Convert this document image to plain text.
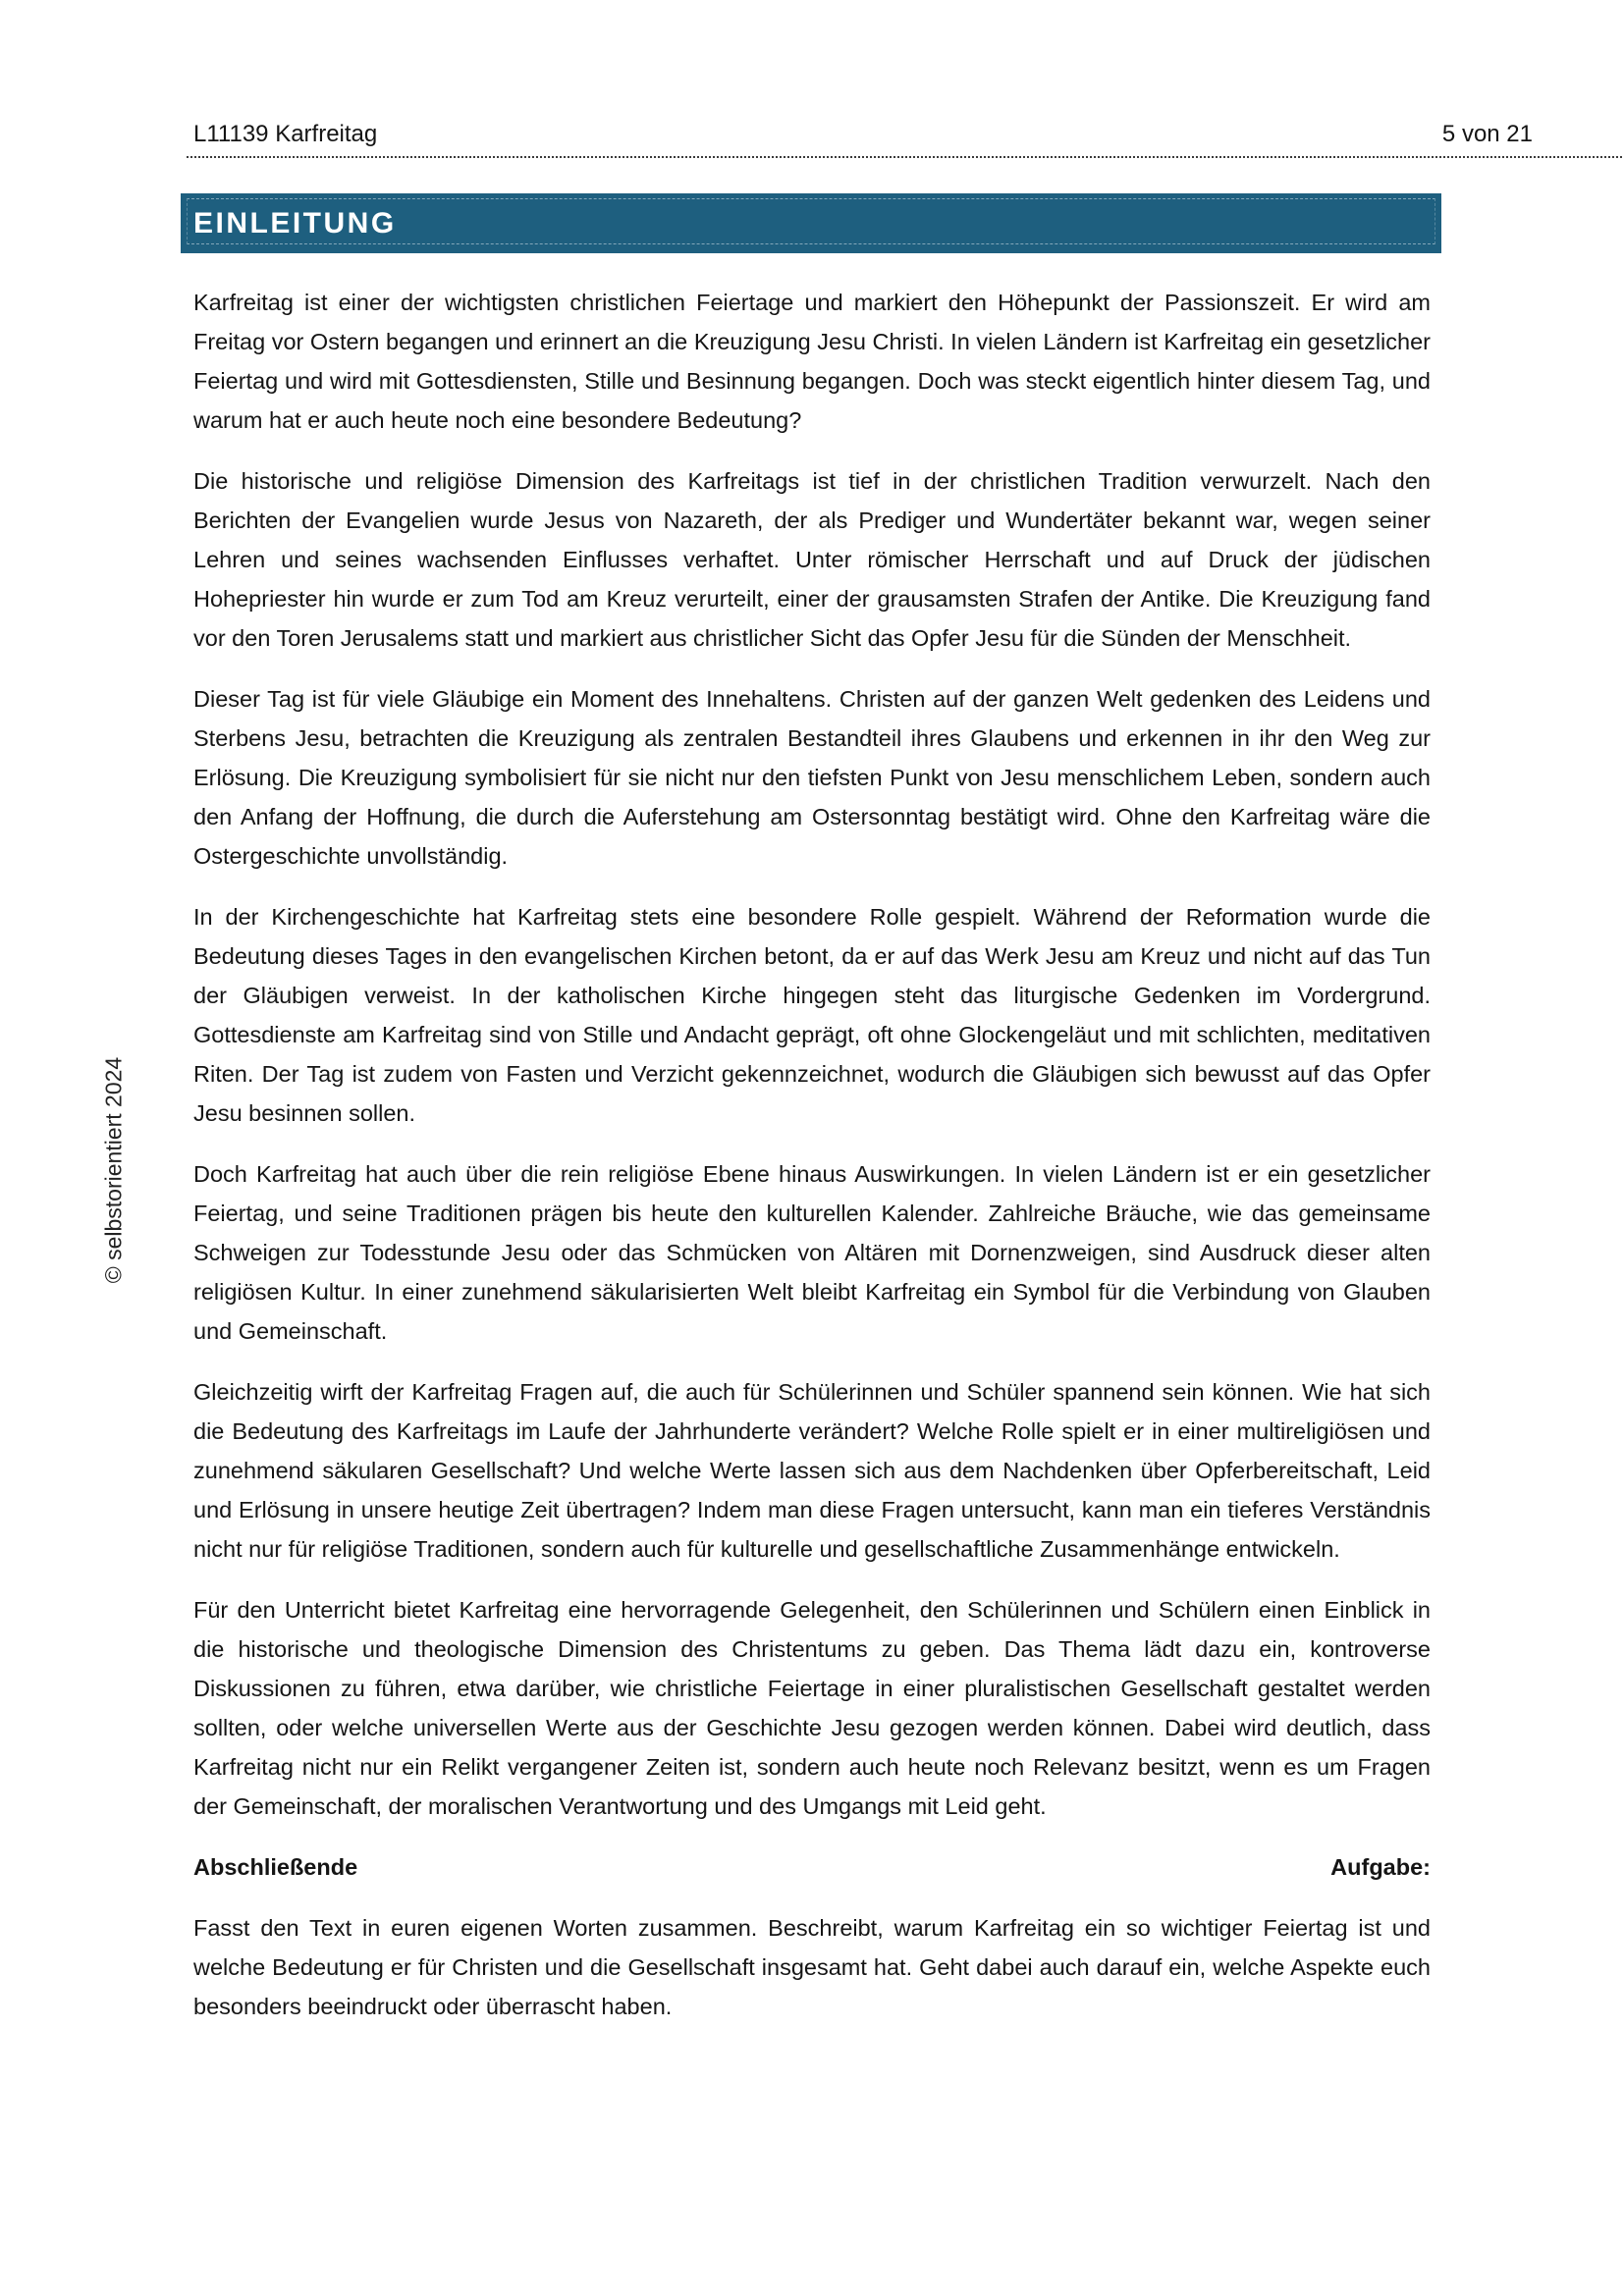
L11139 Karfreitag	5 von 21
EINLEITUNG
© selbstorientiert 2024

Karfreitag ist einer der wichtigsten christlichen Feiertage und markiert den Höhepunkt der Passionszeit. Er wird am Freitag vor Ostern begangen und erinnert an die Kreuzigung Jesu Christi. In vielen Ländern ist Karfreitag ein gesetzlicher Feiertag und wird mit Gottesdiensten, Stille und Besinnung begangen. Doch was steckt eigentlich hinter diesem Tag, und warum hat er auch heute noch eine besondere Bedeutung?

Die historische und religiöse Dimension des Karfreitags ist tief in der christlichen Tradition verwurzelt. Nach den Berichten der Evangelien wurde Jesus von Nazareth, der als Prediger und Wundertäter bekannt war, wegen seiner Lehren und seines wachsenden Einflusses verhaftet. Unter römischer Herrschaft und auf Druck der jüdischen Hohepriester hin wurde er zum Tod am Kreuz verurteilt, einer der grausamsten Strafen der Antike. Die Kreuzigung fand vor den Toren Jerusalems statt und markiert aus christlicher Sicht das Opfer Jesu für die Sünden der Menschheit.

Dieser Tag ist für viele Gläubige ein Moment des Innehaltens. Christen auf der ganzen Welt gedenken des Leidens und Sterbens Jesu, betrachten die Kreuzigung als zentralen Bestandteil ihres Glaubens und erkennen in ihr den Weg zur Erlösung. Die Kreuzigung symbolisiert für sie nicht nur den tiefsten Punkt von Jesu menschlichem Leben, sondern auch den Anfang der Hoffnung, die durch die Auferstehung am Ostersonntag bestätigt wird. Ohne den Karfreitag wäre die Ostergeschichte unvollständig.

In der Kirchengeschichte hat Karfreitag stets eine besondere Rolle gespielt. Während der Reformation wurde die Bedeutung dieses Tages in den evangelischen Kirchen betont, da er auf das Werk Jesu am Kreuz und nicht auf das Tun der Gläubigen verweist. In der katholischen Kirche hingegen steht das liturgische Gedenken im Vordergrund. Gottesdienste am Karfreitag sind von Stille und Andacht geprägt, oft ohne Glockengeläut und mit schlichten, meditativen Riten. Der Tag ist zudem von Fasten und Verzicht gekennzeichnet, wodurch die Gläubigen sich bewusst auf das Opfer Jesu besinnen sollen.

Doch Karfreitag hat auch über die rein religiöse Ebene hinaus Auswirkungen. In vielen Ländern ist er ein gesetzlicher Feiertag, und seine Traditionen prägen bis heute den kulturellen Kalender. Zahlreiche Bräuche, wie das gemeinsame Schweigen zur Todesstunde Jesu oder das Schmücken von Altären mit Dornenzweigen, sind Ausdruck dieser alten religiösen Kultur. In einer zunehmend säkularisierten Welt bleibt Karfreitag ein Symbol für die Verbindung von Glauben und Gemeinschaft.

Gleichzeitig wirft der Karfreitag Fragen auf, die auch für Schülerinnen und Schüler spannend sein können. Wie hat sich die Bedeutung des Karfreitags im Laufe der Jahrhunderte verändert? Welche Rolle spielt er in einer multireligiösen und zunehmend säkularen Gesellschaft? Und welche Werte lassen sich aus dem Nachdenken über Opferbereitschaft, Leid und Erlösung in unsere heutige Zeit übertragen? Indem man diese Fragen untersucht, kann man ein tieferes Verständnis nicht nur für religiöse Traditionen, sondern auch für kulturelle und gesellschaftliche Zusammenhänge entwickeln.

Für den Unterricht bietet Karfreitag eine hervorragende Gelegenheit, den Schülerinnen und Schülern einen Einblick in die historische und theologische Dimension des Christentums zu geben. Das Thema lädt dazu ein, kontroverse Diskussionen zu führen, etwa darüber, wie christliche Feiertage in einer pluralistischen Gesellschaft gestaltet werden sollten, oder welche universellen Werte aus der Geschichte Jesu gezogen werden können. Dabei wird deutlich, dass Karfreitag nicht nur ein Relikt vergangener Zeiten ist, sondern auch heute noch Relevanz besitzt, wenn es um Fragen der Gemeinschaft, der moralischen Verantwortung und des Umgangs mit Leid geht.

Abschließende	Aufgabe:

Fasst den Text in euren eigenen Worten zusammen. Beschreibt, warum Karfreitag ein so wichtiger Feiertag ist und welche Bedeutung er für Christen und die Gesellschaft insgesamt hat. Geht dabei auch darauf ein, welche Aspekte euch besonders beeindruckt oder überrascht haben.
